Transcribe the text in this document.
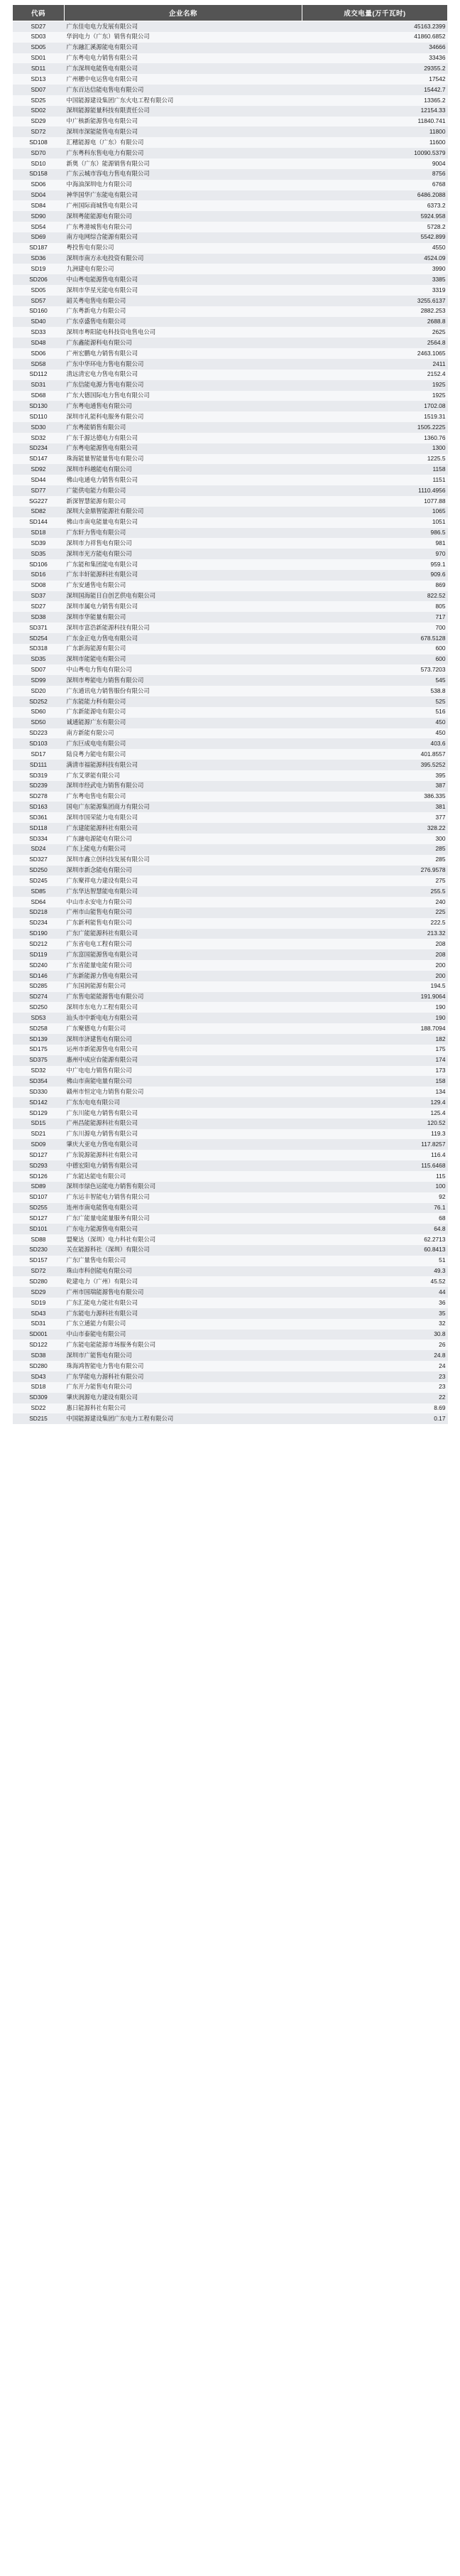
代码	企业名称	成交电量(万千瓦时)
SD27	广东佳电电力发展有限公司	45163.2399
SD03	华润电力（广东）销售有限公司	41860.6852
SD05	广东融汇溪源能电有限公司	34666
SD01	广东粤电电力销售有限公司	33436
SD11	广东深圳电能售电有限公司	29355.2
SD13	广州穗中电运售电有限公司	17542
SD07	广东百达信能电售电有限公司	15442.7
SD25	中国能源建设集团广东火电工程有限公司	13365.2
SD02	深圳能源能量科技有限责任公司	12154.33
SD29	中广核新能源售电有限公司	11840.741
SD72	深圳市深能能售电有限公司	11800
SD108	汇穗能源电（广东）有限公司	11600
SD70	广东粤科东售电电力有限公司	10090.5379
SD10	新奥（广东）能源销售有限公司	9004
SD158	广东云城市容电力售电有限公司	8756
SD06	中海油深圳电力有限公司	6768
SD04	神华国华广东能电有限公司	6486.2088
SD84	广州国际商城售电有限公司	6373.2
SD90	深圳粤能能源电有限公司	5924.958
SD54	广东粤港城售电有限公司	5728.2
SD69	南方电网综合能源有限公司	5542.899
SD187	粤投售电有限公司	4550
SD36	深圳市南方永电投资有限公司	4524.09
SD19	九洲建电有限公司	3990
SD206	中山粤电能源售电有限公司	3385
SD05	深圳市华星光能电有限公司	3319
SD57	韶关粤电售电有限公司	3255.6137
SD160	广东粤新电力有限公司	2882.253
SD40	广东卓盛售电有限公司	2688.8
SD33	深圳市粤阳能电科技资电售电公司	2625
SD48	广东鑫能源科电有限公司	2564.8
SD06	广州宏鹏电力销售有限公司	2463.1065
SD58	广东中华环电力售电有限公司	2411
SD112	清远清宏电力售电有限公司	2152.4
SD31	广东信能电源力售电有限公司	1925
SD68	广东大德国际电力售电有限公司	1925
SD130	广东粤电通售电有限公司	1702.08
SD110	深圳市礼能科电服务有限公司	1519.31
SD30	广东粤能销售有限公司	1505.2225
SD32	广东千源达德电力有限公司	1360.76
SD234	广东粤电能源售电有限公司	1300
SD147	珠海能量智能量售电有限公司	1225.5
SD92	深圳市科越能电有限公司	1158
SD44	佛山电通电力销售有限公司	1151
SD77	广能供电能力有限公司	1110.4956
SG227	新深智慧能源有限公司	1077.88
SD82	深圳大金鼎智能源社有限公司	1065
SD144	佛山市南电能量电有限公司	1051
SD18	广东轩力售电有限公司	986.5
SD39	深圳市力祥售电有限公司	981
SD35	深圳市光方能电有限公司	970
SD106	广东能和集团能电有限公司	959.1
SD16	广东丰轩能源科社有限公司	909.6
SD08	广东安通售电有限公司	869
SD37	深圳国海能日自创艺供电有限公司	822.52
SD27	深圳市属电力销售有限公司	805
SD38	深圳市华能量有限公司	717
SD371	深圳市富浩新能源科技有限公司	700
SD254	广东金正电力售电有限公司	678.5128
SD318	广东新海能源有限公司	600
SD35	深圳市能能电有限公司	600
SD07	中山粤电力售电有限公司	573.7203
SD99	深圳市粤能电力销售有限公司	545
SD20	广东通讯电力销售服份有限公司	538.8
SD252	广东能能力科有限公司	525
SD60	广东新能源电有限公司	516
SD50	诚通能源广东有限公司	450
SD223	南方新能有限公司	450
SD103	广东巨成电电有限公司	403.6
SD17	陆良粤力能电有限公司	401.8557
SD111	满清市福能源科技有限公司	395.5252
SD319	广东艾翠能有限公司	395
SD239	深圳市经武电力销售有限公司	387
SD278	广东粤电售电有限公司	386.335
SD163	国电广东能源集团商力有限公司	381
SD361	深圳市国荣能力电有限公司	377
SD118	广东建能能源科社有限公司	328.22
SD334	广东融电源能电有限公司	300
SD24	广东上能电力有限公司	285
SD327	深圳市鑫立创科技发展有限公司	285
SD250	深圳市新念能电有限公司	276.9578
SD245	广东聚祥电力建设有限公司	275
SD85	广东华达智慧能电有限公司	255.5
SD64	中山市永安电力有限公司	240
SD218	广州市山能售电有限公司	225
SD234	广东新利能售电有限公司	222.5
SD190	广东广能能源科社有限公司	213.32
SD212	广东省电电工程有限公司	208
SD119	广东富国能源售电有限公司	208
SD240	广东省能量电能有限公司	200
SD146	广东新能源力售电有限公司	200
SD285	广东国润能源有限公司	194.5
SD274	广东售电能能源售电有限公司	191.9064
SD250	深圳市东电力工程有限公司	190
SD53	汕头市中新电电力有限公司	190
SD258	广东聚德电力有限公司	188.7094
SD139	深圳市济建售电有限公司	182
SD175	运州市新能源售电有限公司	175
SD375	惠州中成应台能源有限公司	174
SD32	中广电电力销售有限公司	173
SD354	佛山市南能电量有限公司	158
SD330	赣州市恒定电力销售有限公司	134
SD142	广东东电电有限公司	129.4
SD129	广东川能电力销售有限公司	125.4
SD15	广州昌能能源科社有限公司	120.52
SD21	广东川源电力销售有限公司	119.3
SD09	肇庆大亚电力售电有限公司	117.8257
SD127	广东锐源能源科社有限公司	116.4
SD293	中德宏阳电力销售有限公司	115.6468
SD126	广东能达能电有限公司	115
SD89	深圳市绿色运能电力销售有限公司	100
SD107	广东运丰智能电力销售有限公司	92
SD255	连州市南电能售电有限公司	76.1
SD127	广东广能量电能量服务有限公司	68
SD101	广东电力能源售电有限公司	64.8
SD88	盟聚达（深圳）电力科社有限公司	62.2713
SD230	关在能源科社（深圳）有限公司	60.8413
SD157	广东广量售电有限公司	51
SD72	珠山市科创能电有限公司	49.3
SD280	乾建电力（广州）有限公司	45.52
SD29	广州市国瑞能源售电有限公司	44
SD19	广东汇能电力能社有限公司	36
SD43	广东能电力源科社有限公司	35
SD31	广东立通能力有限公司	32
SD001	中山市泰能电有限公司	30.8
SD122	广东能电能能源市场服务有限公司	26
SD38	深圳市广能售电有限公司	24.8
SD280	珠海鸿智能电力售电有限公司	24
SD43	广东华能电力源科社有限公司	23
SD18	广东开力能售电有限公司	23
SD309	肇庆润源电力建设有限公司	22
SD22	惠日能源科社有限公司	8.69
SD215	中国能源建设集团广东电力工程有限公司	0.17
